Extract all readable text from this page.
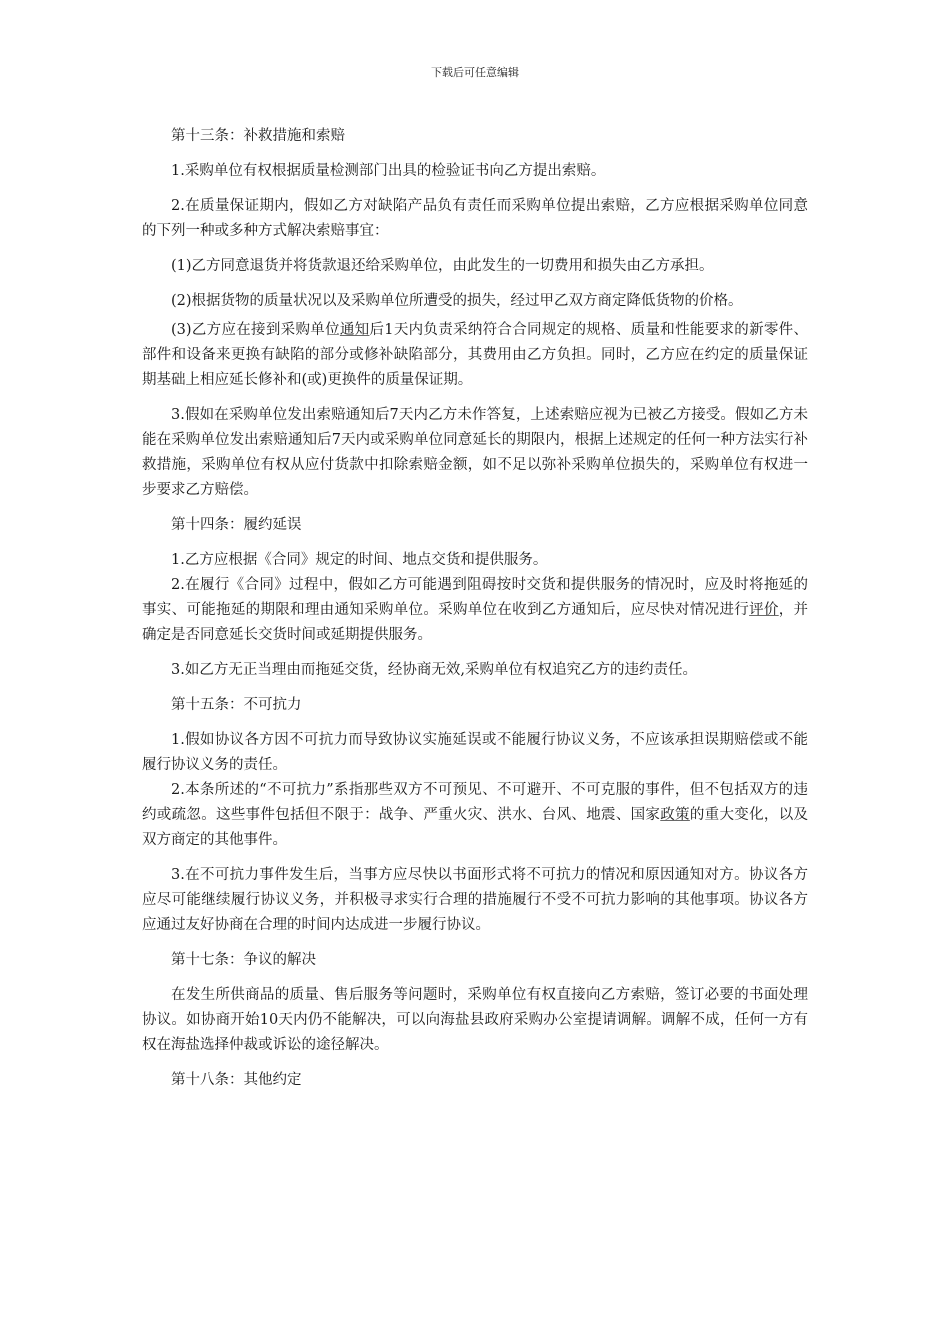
下载后可任意编辑

第十三条：补救措施和索赔

1.采购单位有权根据质量检测部门出具的检验证书向乙方提出索赔。

2.在质量保证期内，假如乙方对缺陷产品负有责任而采购单位提出索赔，乙方应根据采购单位同意的下列一种或多种方式解决索赔事宜：

(1)乙方同意退货并将货款退还给采购单位，由此发生的一切费用和损失由乙方承担。

(2)根据货物的质量状况以及采购单位所遭受的损失，经过甲乙双方商定降低货物的价格。

(3)乙方应在接到采购单位通知后1天内负责采纳符合合同规定的规格、质量和性能要求的新零件、部件和设备来更换有缺陷的部分或修补缺陷部分，其费用由乙方负担。同时，乙方应在约定的质量保证期基础上相应延长修补和(或)更换件的质量保证期。

3.假如在采购单位发出索赔通知后7天内乙方未作答复，上述索赔应视为已被乙方接受。假如乙方未能在采购单位发出索赔通知后7天内或采购单位同意延长的期限内，根据上述规定的任何一种方法实行补救措施，采购单位有权从应付货款中扣除索赔金额，如不足以弥补采购单位损失的，采购单位有权进一步要求乙方赔偿。

第十四条：履约延误

1.乙方应根据《合同》规定的时间、地点交货和提供服务。

2.在履行《合同》过程中，假如乙方可能遇到阻碍按时交货和提供服务的情况时，应及时将拖延的事实、可能拖延的期限和理由通知采购单位。采购单位在收到乙方通知后，应尽快对情况进行评价，并确定是否同意延长交货时间或延期提供服务。

3.如乙方无正当理由而拖延交货，经协商无效,采购单位有权追究乙方的违约责任。

第十五条：不可抗力

1.假如协议各方因不可抗力而导致协议实施延误或不能履行协议义务，不应该承担误期赔偿或不能履行协议义务的责任。

2.本条所述的“不可抗力”系指那些双方不可预见、不可避开、不可克服的事件，但不包括双方的违约或疏忽。这些事件包括但不限于：战争、严重火灾、洪水、台风、地震、国家政策的重大变化，以及双方商定的其他事件。

3.在不可抗力事件发生后，当事方应尽快以书面形式将不可抗力的情况和原因通知对方。协议各方应尽可能继续履行协议义务，并积极寻求实行合理的措施履行不受不可抗力影响的其他事项。协议各方应通过友好协商在合理的时间内达成进一步履行协议。

第十七条：争议的解决

在发生所供商品的质量、售后服务等问题时，采购单位有权直接向乙方索赔，签订必要的书面处理协议。如协商开始10天内仍不能解决，可以向海盐县政府采购办公室提请调解。调解不成，任何一方有权在海盐选择仲裁或诉讼的途径解决。

第十八条：其他约定
